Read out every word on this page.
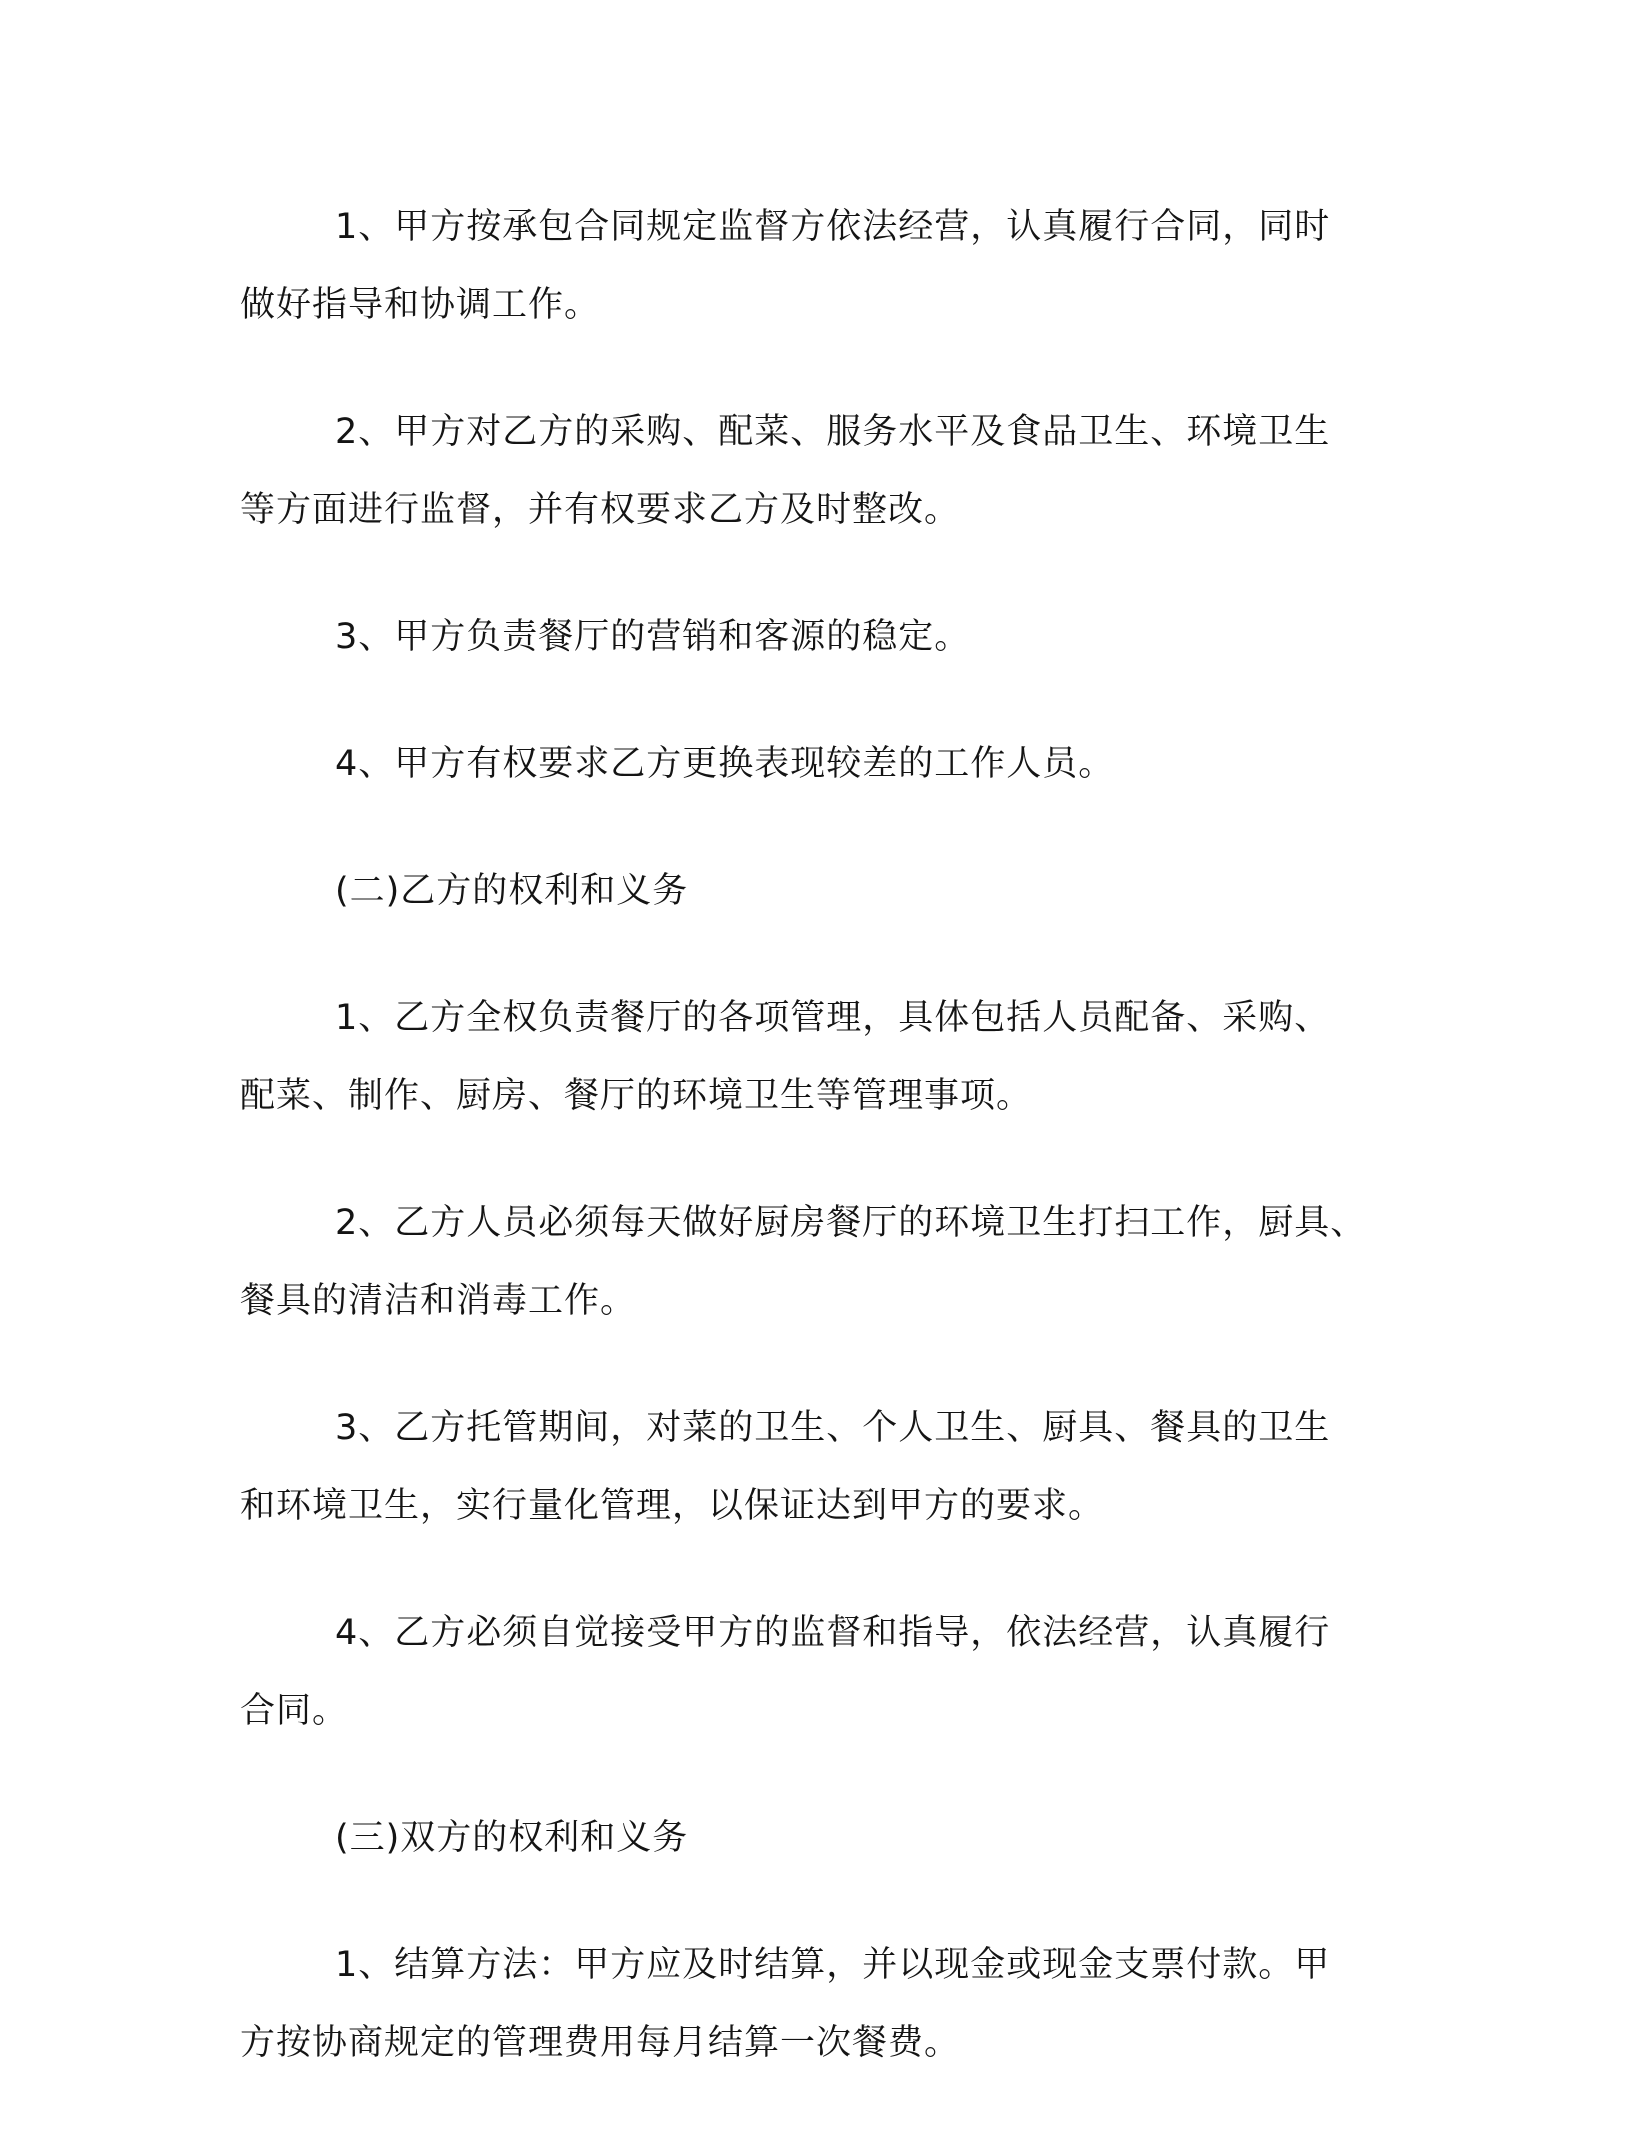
1、甲方按承包合同规定监督方依法经营，认真履行合同，同时
做好指导和协调工作。

2、甲方对乙方的采购、配菜、服务水平及食品卫生、环境卫生
等方面进行监督，并有权要求乙方及时整改。

3、甲方负责餐厅的营销和客源的稳定。

4、甲方有权要求乙方更换表现较差的工作人员。

(二)乙方的权利和义务

1、乙方全权负责餐厅的各项管理，具体包括人员配备、采购、
配菜、制作、厨房、餐厅的环境卫生等管理事项。

2、乙方人员必须每天做好厨房餐厅的环境卫生打扫工作，厨具、
餐具的清洁和消毒工作。

3、乙方托管期间，对菜的卫生、个人卫生、厨具、餐具的卫生
和环境卫生，实行量化管理，以保证达到甲方的要求。

4、乙方必须自觉接受甲方的监督和指导，依法经营，认真履行
合同。

(三)双方的权利和义务

1、结算方法：甲方应及时结算，并以现金或现金支票付款。甲
方按协商规定的管理费用每月结算一次餐费。
